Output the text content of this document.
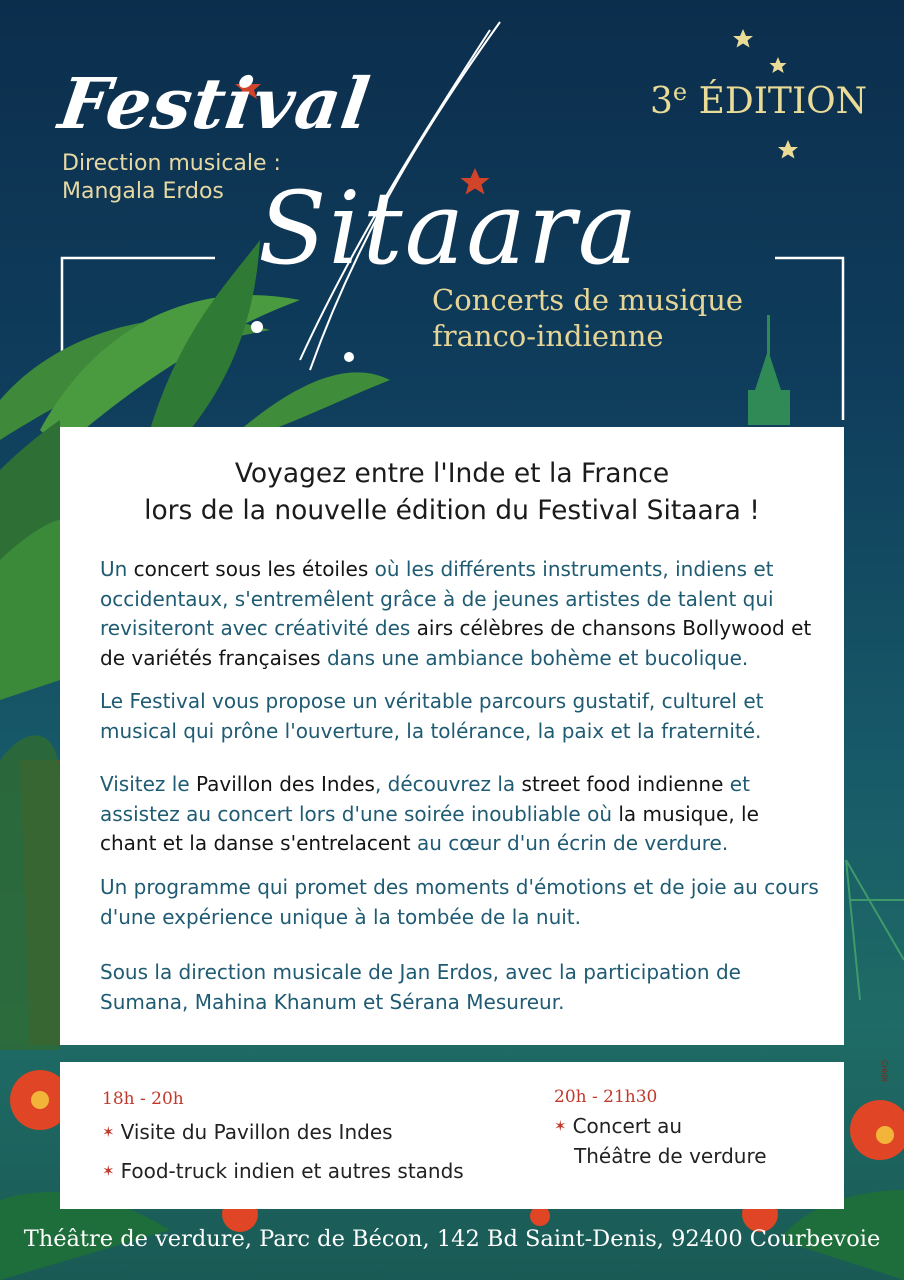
Festival
Direction musicale :
Mangala Erdos Sitaara
3e ÉDITION
Concerts de musique
franco-indienne
Voyagez entre l'Inde et la France
lors de la nouvelle édition du Festival Sitaara !

Un concert sous les étoiles où les différents instruments, indiens et occidentaux, s'entremêlent grâce à de jeunes artistes de talent qui revisiteront avec créativité des airs célèbres de chansons Bollywood et de variétés françaises dans une ambiance bohème et bucolique.

Le Festival vous propose un véritable parcours gustatif, culturel et musical qui prône l'ouverture, la tolérance, la paix et la fraternité.

Visitez le Pavillon des Indes, découvrez la street food indienne et assistez au concert lors d'une soirée inoubliable où la musique, le chant et la danse s'entrelacent au cœur d'un écrin de verdure.

Un programme qui promet des moments d'émotions et de joie au cours d'une expérience unique à la tombée de la nuit.

Sous la direction musicale de Jan Erdos, avec la participation de Sumana, Mahina Khanum et Sérana Mesureur.

18h - 20h
✶ Visite du Pavillon des Indes
✶ Food-truck indien et autres stands
20h - 21h30
✶ Concert au
Théâtre de verdure
Théâtre de verdure, Parc de Bécon, 142 Bd Saint-Denis, 92400 Courbevoie
Crédit
